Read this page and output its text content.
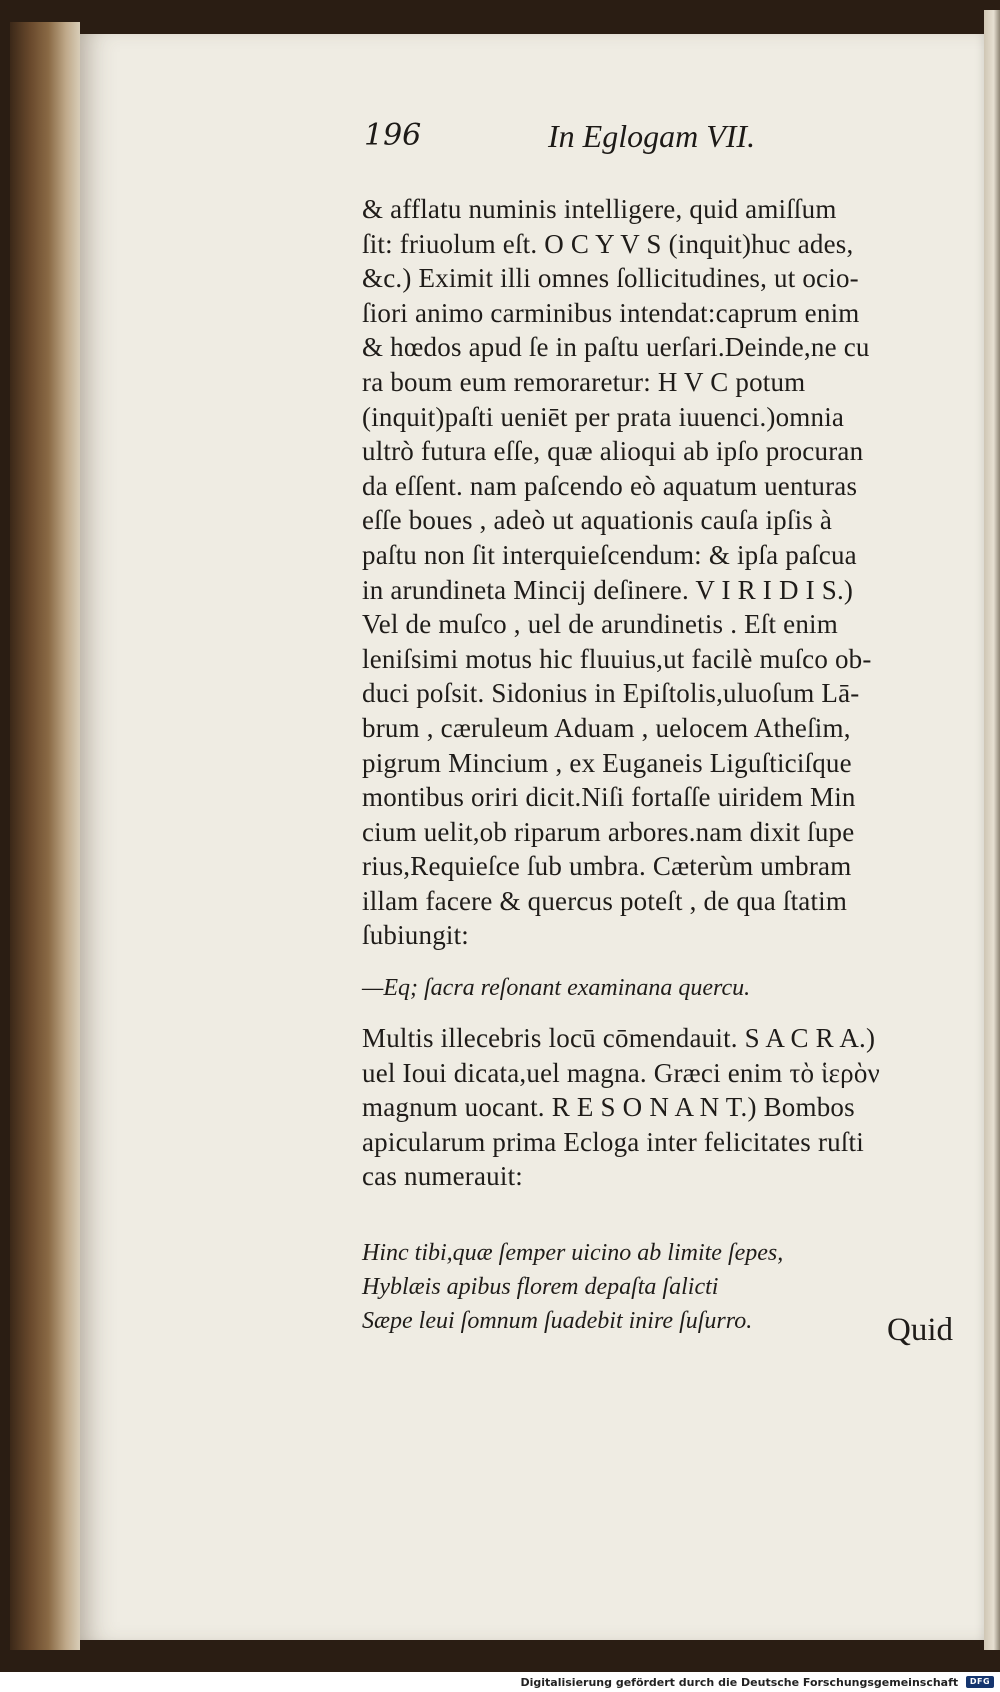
196	In Eglogam VII.
& afflatu numinis intelligere, quid amiſſum
ſit: friuolum eſt. O C Y V S (inquit)huc ades,
&c.) Eximit illi omnes ſollicitudines, ut ocio-
ſiori animo carminibus intendat:caprum enim
& hœdos apud ſe in paſtu uerſari.Deinde,ne cu
ra boum eum remoraretur: H V C potum
(inquit)paſti ueniēt per prata iuuenci.)omnia
ultrò futura eſſe, quæ alioqui ab ipſo procuran
da eſſent. nam paſcendo eò aquatum uenturas
eſſe boues , adeò ut aquationis cauſa ipſis à
paſtu non ſit interquieſcendum: & ipſa paſcua
in arundineta Mincij deſinere. V I R I D I S.)
Vel de muſco , uel de arundinetis . Eſt enim
leniſsimi motus hic fluuius,ut facilè muſco ob-
duci poſsit. Sidonius in Epiſtolis,uluoſum Lā-
brum , cæruleum Aduam , uelocem Atheſim,
pigrum Mincium , ex Euganeis Liguſticiſque
montibus oriri dicit.Niſi fortaſſe uiridem Min
cium uelit,ob riparum arbores.nam dixit ſupe
rius,Requieſce ſub umbra. Cæterùm umbram
illam facere & quercus poteſt , de qua ſtatim
ſubiungit:
—Eq; ſacra reſonant examinana quercu.
Multis illecebris locū cōmendauit. S A C R A.)
uel Ioui dicata,uel magna. Græci enim τὸ ἱερὸν
magnum uocant. R E S O N A N T.) Bombos
apicularum prima Ecloga inter felicitates ruſti
cas numerauit:
Hinc tibi,quæ ſemper uicino ab limite ſepes,
Hyblæis apibus florem depaſta ſalicti
Sæpe leui ſomnum ſuadebit inire ſuſurro.	Quid
Digitalisierung gefördert durch die Deutsche Forschungsgemeinschaft DFG
